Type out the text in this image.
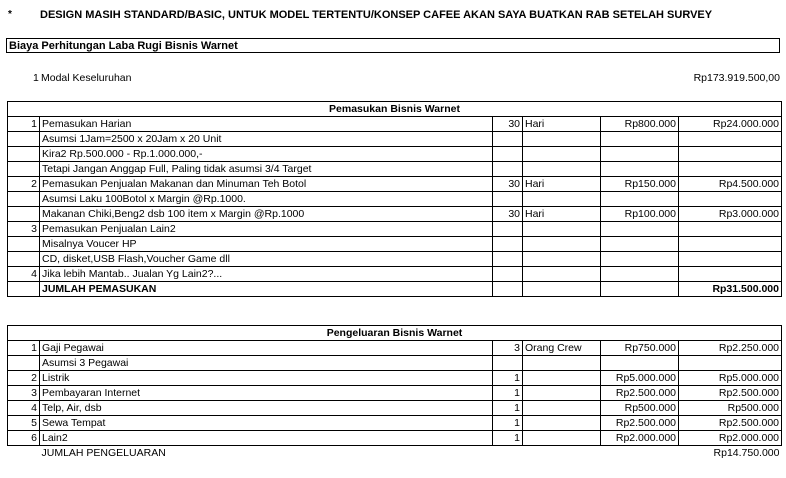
*	DESIGN MASIH STANDARD/BASIC, UNTUK MODEL TERTENTU/KONSEP CAFEE AKAN SAYA BUATKAN RAB SETELAH SURVEY
Biaya Perhitungan Laba Rugi Bisnis Warnet
1 Modal Keseluruhan	Rp173.919.500,00
Pemasukan Bisnis Warnet					
1	Pemasukan Harian	30	Hari	Rp800.000	Rp24.000.000
	Asumsi 1Jam=2500 x 20Jam x 20 Unit				
	Kira2 Rp.500.000 - Rp.1.000.000,-				
	Tetapi Jangan Anggap Full, Paling tidak asumsi 3/4 Target				
2	Pemasukan Penjualan Makanan dan Minuman Teh Botol	30	Hari	Rp150.000	Rp4.500.000
	Asumsi Laku 100Botol x Margin @Rp.1000.				
	Makanan Chiki,Beng2 dsb 100 item x Margin @Rp.1000	30	Hari	Rp100.000	Rp3.000.000
3	Pemasukan Penjualan Lain2				
	Misalnya Voucer HP				
	CD, disket,USB Flash,Voucher Game dll				
4	Jika lebih Mantab.. Jualan Yg Lain2?...				
	JUMLAH PEMASUKAN				Rp31.500.000
Pengeluaran Bisnis Warnet					
1	Gaji Pegawai	3	Orang Crew	Rp750.000	Rp2.250.000
	Asumsi 3 Pegawai				
2	Listrik	1		Rp5.000.000	Rp5.000.000
3	Pembayaran Internet	1		Rp2.500.000	Rp2.500.000
4	Telp, Air, dsb	1		Rp500.000	Rp500.000
5	Sewa Tempat	1		Rp2.500.000	Rp2.500.000
6	Lain2	1		Rp2.000.000	Rp2.000.000
	JUMLAH PENGELUARAN				Rp14.750.000
